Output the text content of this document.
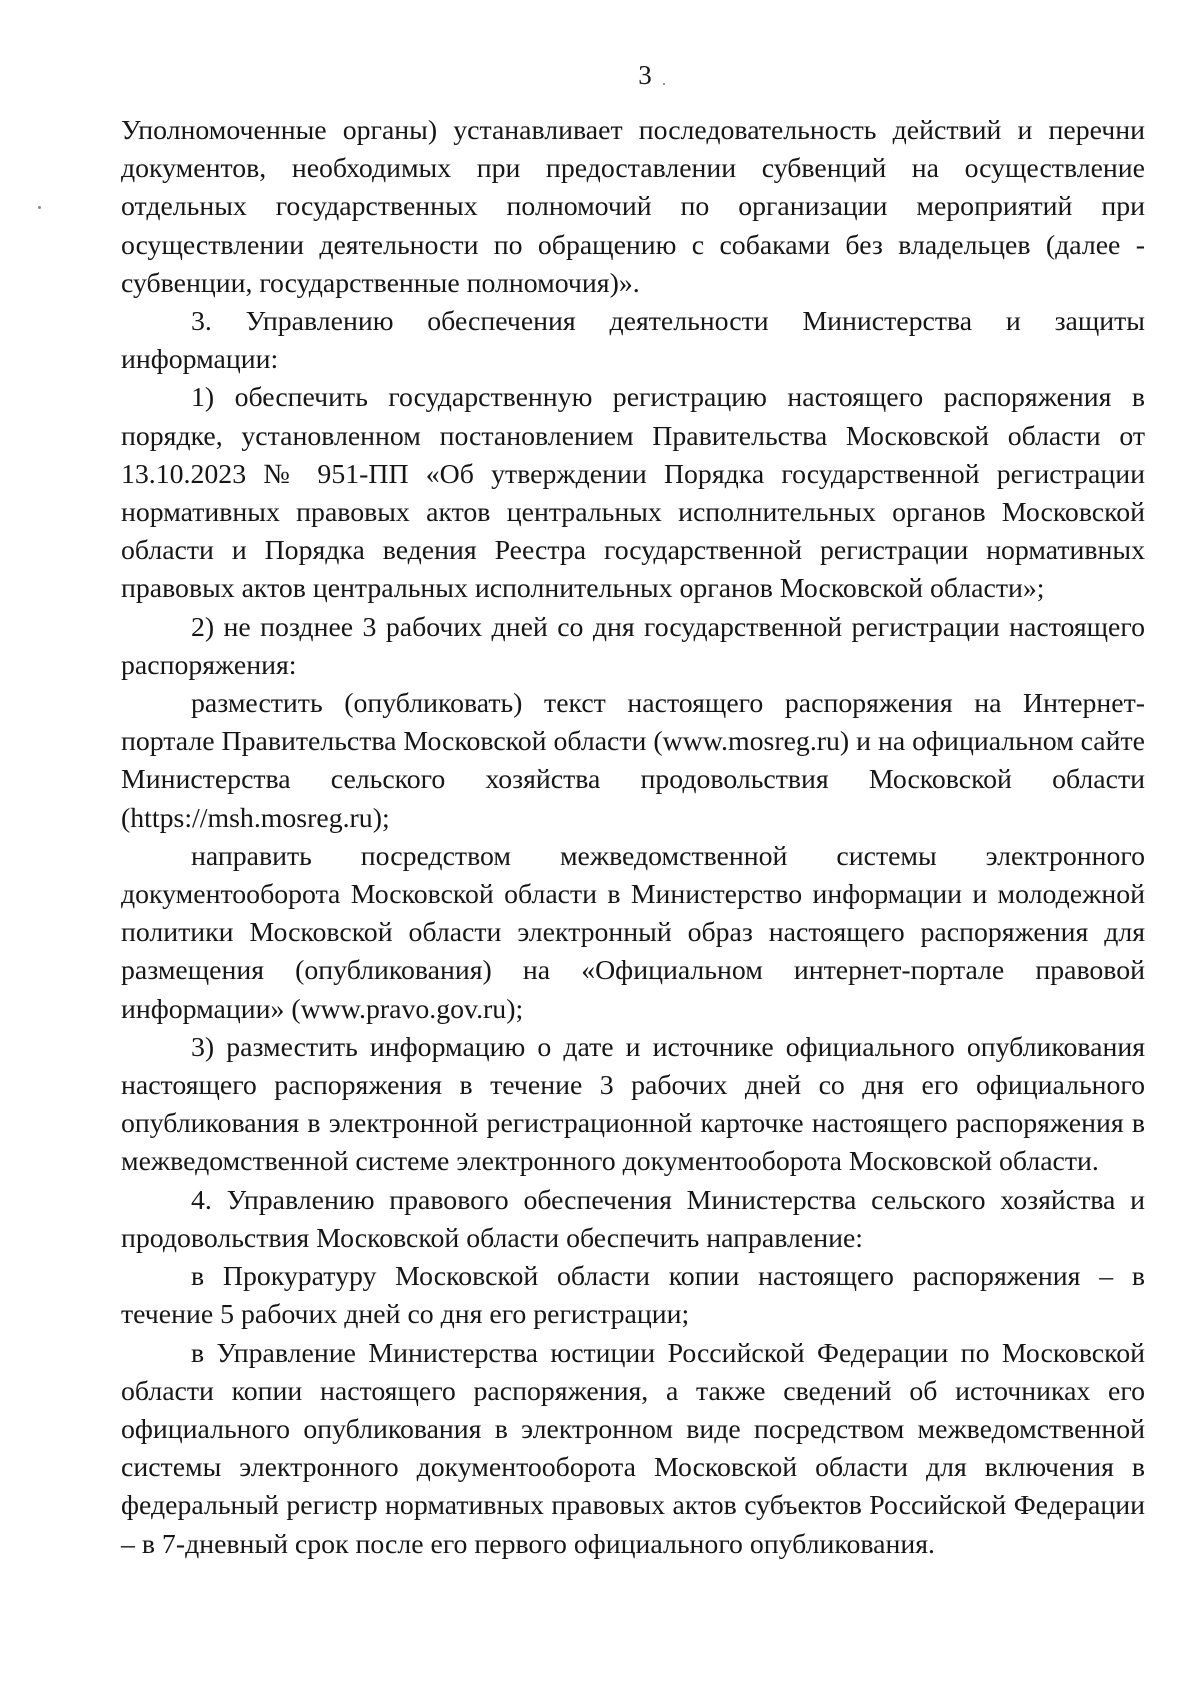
3

Уполномоченные органы) устанавливает последовательность действий и перечни документов, необходимых при предоставлении субвенций на осуществление отдельных государственных полномочий по организации мероприятий при осуществлении деятельности по обращению с собаками без владельцев (далее - субвенции, государственные полномочия)».

3. Управлению обеспечения деятельности Министерства и защиты информации:

1) обеспечить государственную регистрацию настоящего распоряжения в порядке, установленном постановлением Правительства Московской области от 13.10.2023 № 951-ПП «Об утверждении Порядка государственной регистрации нормативных правовых актов центральных исполнительных органов Московской области и Порядка ведения Реестра государственной регистрации нормативных правовых актов центральных исполнительных органов Московской области»;

2) не позднее 3 рабочих дней со дня государственной регистрации настоящего распоряжения:

разместить (опубликовать) текст настоящего распоряжения на Интернет-портале Правительства Московской области (www.mosreg.ru) и на официальном сайте Министерства сельского хозяйства продовольствия Московской области (https://msh.mosreg.ru);

направить посредством межведомственной системы электронного документооборота Московской области в Министерство информации и молодежной политики Московской области электронный образ настоящего распоряжения для размещения (опубликования) на «Официальном интернет-портале правовой информации» (www.pravo.gov.ru);

3) разместить информацию о дате и источнике официального опубликования настоящего распоряжения в течение 3 рабочих дней со дня его официального опубликования в электронной регистрационной карточке настоящего распоряжения в межведомственной системе электронного документооборота Московской области.

4. Управлению правового обеспечения Министерства сельского хозяйства и продовольствия Московской области обеспечить направление:

в Прокуратуру Московской области копии настоящего распоряжения – в течение 5 рабочих дней со дня его регистрации;

в Управление Министерства юстиции Российской Федерации по Московской области копии настоящего распоряжения, а также сведений об источниках его официального опубликования в электронном виде посредством межведомственной системы электронного документооборота Московской области для включения в федеральный регистр нормативных правовых актов субъектов Российской Федерации – в 7-дневный срок после его первого официального опубликования.
